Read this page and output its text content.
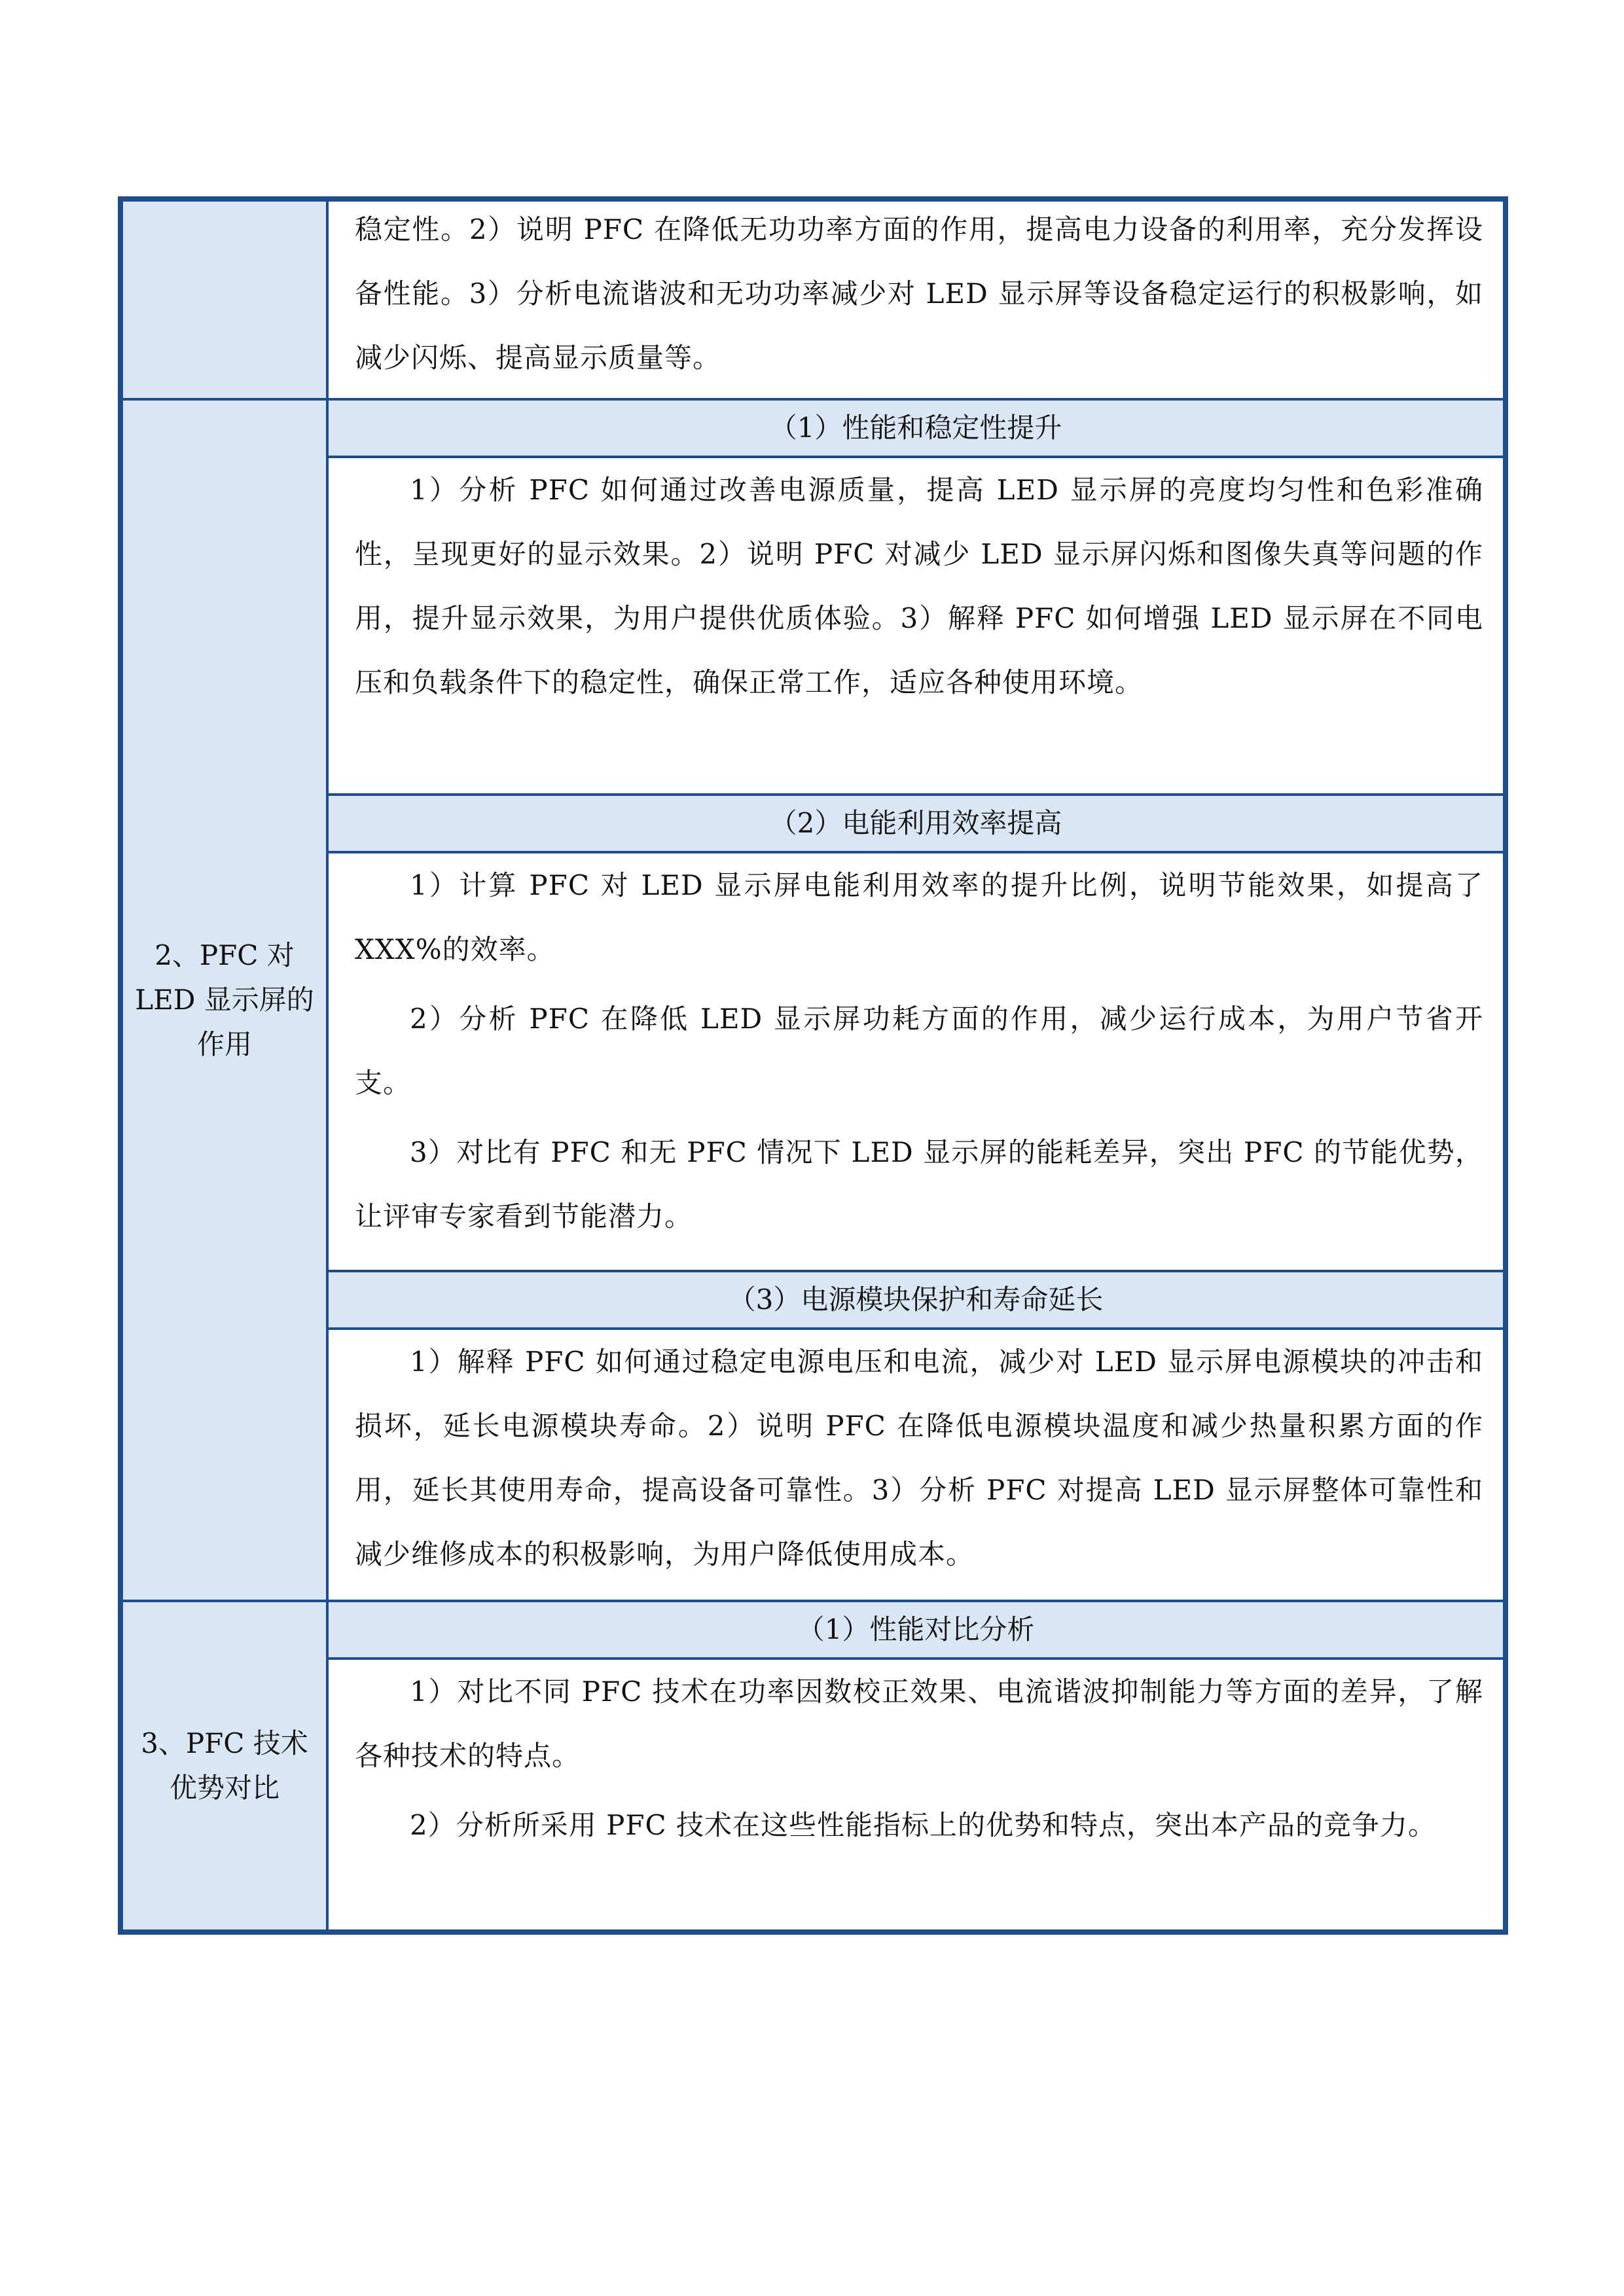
	稳定性。2）说明 PFC 在降低无功功率方面的作用，提高电力设备的利用率，充分发挥设备性能。3）分析电流谐波和无功功率减少对 LED 显示屏等设备稳定运行的积极影响，如减少闪烁、提高显示质量等。

2、PFC 对 LED 显示屏的作用	（1）性能和稳定性提升

	1）分析 PFC 如何通过改善电源质量，提高 LED 显示屏的亮度均匀性和色彩准确性，呈现更好的显示效果。2）说明 PFC 对减少 LED 显示屏闪烁和图像失真等问题的作用，提升显示效果，为用户提供优质体验。3）解释 PFC 如何增强 LED 显示屏在不同电压和负载条件下的稳定性，确保正常工作，适应各种使用环境。

	（2）电能利用效率提高

	1）计算 PFC 对 LED 显示屏电能利用效率的提升比例，说明节能效果，如提高了 XXX%的效率。

2）分析 PFC 在降低 LED 显示屏功耗方面的作用，减少运行成本，为用户节省开支。

3）对比有 PFC 和无 PFC 情况下 LED 显示屏的能耗差异，突出 PFC 的节能优势，让评审专家看到节能潜力。

	（3）电源模块保护和寿命延长

	1）解释 PFC 如何通过稳定电源电压和电流，减少对 LED 显示屏电源模块的冲击和损坏，延长电源模块寿命。2）说明 PFC 在降低电源模块温度和减少热量积累方面的作用，延长其使用寿命，提高设备可靠性。3）分析 PFC 对提高 LED 显示屏整体可靠性和减少维修成本的积极影响，为用户降低使用成本。

3、PFC 技术优势对比	（1）性能对比分析

	1）对比不同 PFC 技术在功率因数校正效果、电流谐波抑制能力等方面的差异，了解各种技术的特点。

2）分析所采用 PFC 技术在这些性能指标上的优势和特点，突出本产品的竞争力。
